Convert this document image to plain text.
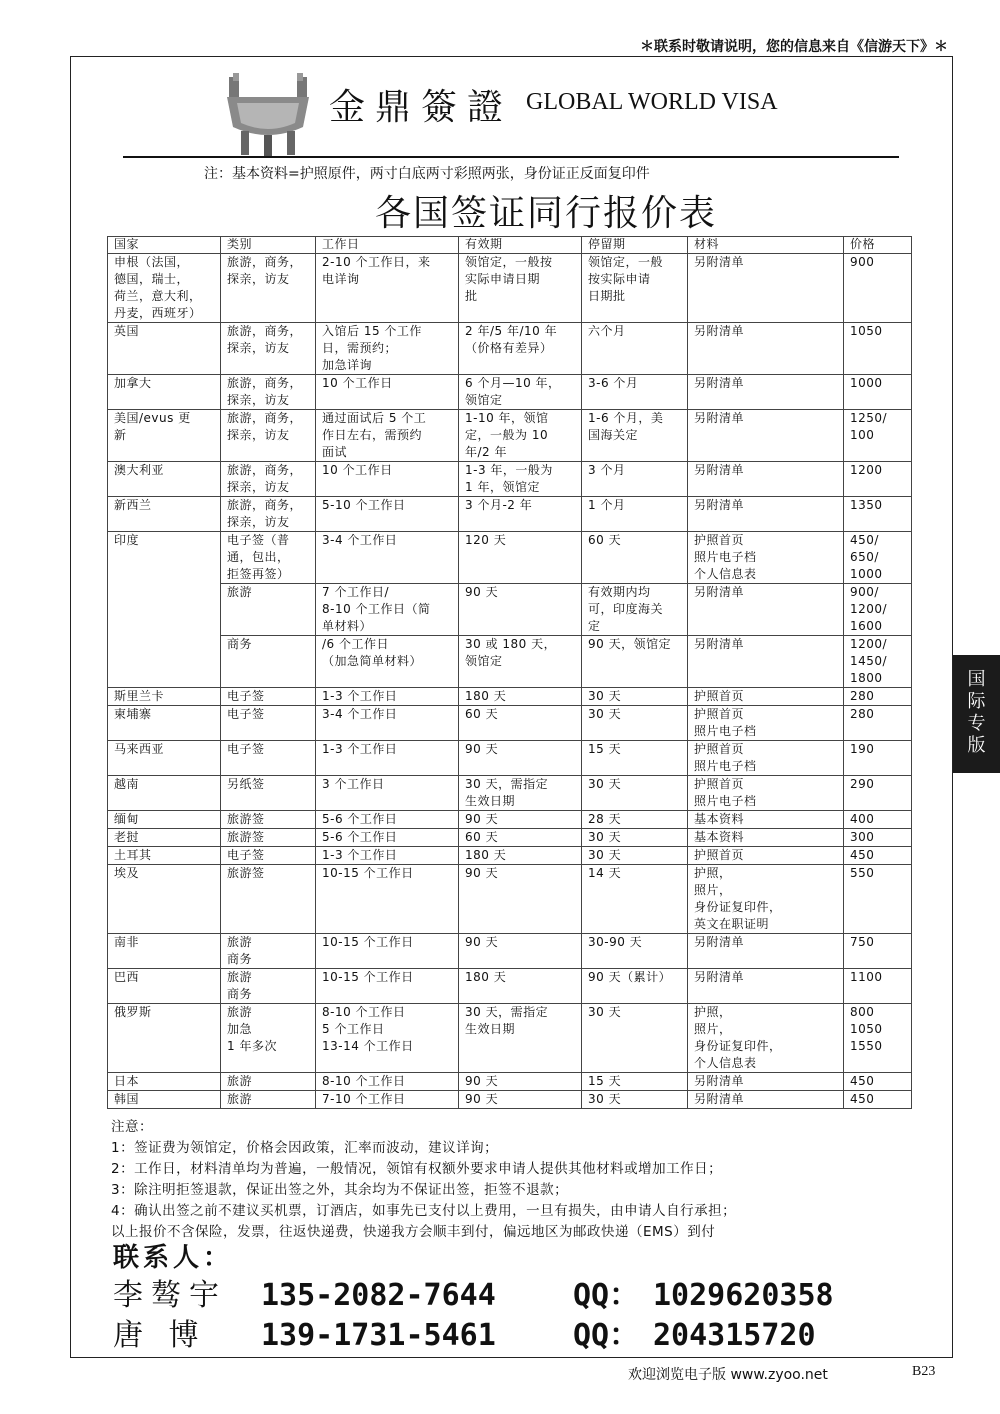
＊联系时敬请说明，您的信息来自《信游天下》＊
金鼎簽證 GLOBAL WORLD VISA
注：基本资料=护照原件，两寸白底两寸彩照两张，身份证正反面复印件
各国签证同行报价表
国家	类别	工作日	有效期	停留期	材料	价格
申根（法国，
德国，瑞士，
荷兰，意大利，
丹麦，西班牙）	旅游，商务，
探亲，访友	2-10 个工作日，来
电详询	领馆定，一般按
实际申请日期
批	领馆定，一般
按实际申请
日期批	另附清单	900
英国	旅游，商务，
探亲，访友	入馆后 15 个工作
日，需预约；
加急详询	2 年/5 年/10 年
（价格有差异）	六个月	另附清单	1050
加拿大	旅游，商务，
探亲，访友	10 个工作日	6 个月—10 年，
领馆定	3-6 个月	另附清单	1000
美国/evus 更
新	旅游，商务，
探亲，访友	通过面试后 5 个工
作日左右，需预约
面试	1-10 年，领馆
定，一般为 10
年/2 年	1-6 个月，美
国海关定	另附清单	1250/
100
澳大利亚	旅游，商务，
探亲，访友	10 个工作日	1-3 年，一般为
1 年，领馆定	3 个月	另附清单	1200
新西兰	旅游，商务，
探亲，访友	5-10 个工作日	3 个月-2 年	1 个月	另附清单	1350
印度	电子签（普
通，包出，
拒签再签）	3-4 个工作日	120 天	60 天	护照首页
照片电子档
个人信息表	450/
650/
1000
	旅游	7 个工作日/
8-10 个工作日（简
单材料）	90 天	有效期内均
可，印度海关
定	另附清单	900/
1200/
1600
	商务	/6 个工作日
（加急简单材料）	30 或 180 天，
领馆定	90 天，领馆定	另附清单	1200/
1450/
1800
斯里兰卡	电子签	1-3 个工作日	180 天	30 天	护照首页	280
柬埔寨	电子签	3-4 个工作日	60 天	30 天	护照首页
照片电子档	280
马来西亚	电子签	1-3 个工作日	90 天	15 天	护照首页
照片电子档	190
越南	另纸签	3 个工作日	30 天，需指定
生效日期	30 天	护照首页
照片电子档	290
缅甸	旅游签	5-6 个工作日	90 天	28 天	基本资料	400
老挝	旅游签	5-6 个工作日	60 天	30 天	基本资料	300
土耳其	电子签	1-3 个工作日	180 天	30 天	护照首页	450
埃及	旅游签	10-15 个工作日	90 天	14 天	护照，
照片，
身份证复印件，
英文在职证明	550
南非	旅游
商务	10-15 个工作日	90 天	30-90 天	另附清单	750
巴西	旅游
商务	10-15 个工作日	180 天	90 天（累计）	另附清单	1100
俄罗斯	旅游
加急
1 年多次	8-10 个工作日
5 个工作日
13-14 个工作日	30 天，需指定
生效日期	30 天	护照，
照片，
身份证复印件，
个人信息表	800
1050
1550
日本	旅游	8-10 个工作日	90 天	15 天	另附清单	450
韩国	旅游	7-10 个工作日	90 天	30 天	另附清单	450
注意：
1：签证费为领馆定，价格会因政策，汇率而波动，建议详询；
2：工作日，材料清单均为普遍，一般情况，领馆有权额外要求申请人提供其他材料或增加工作日；
3：除注明拒签退款，保证出签之外，其余均为不保证出签，拒签不退款；
4：确认出签之前不建议买机票，订酒店，如事先已支付以上费用，一旦有损失，由申请人自行承担；
以上报价不含保险，发票，往返快递费，快递我方会顺丰到付，偏远地区为邮政快递（EMS）到付
联系人：
李骜宇 135-2082-7644	QQ： 1029620358
唐 博 139-1731-5461	QQ： 204315720
国
际
专
版
欢迎浏览电子版 www.zyoo.net	B23
